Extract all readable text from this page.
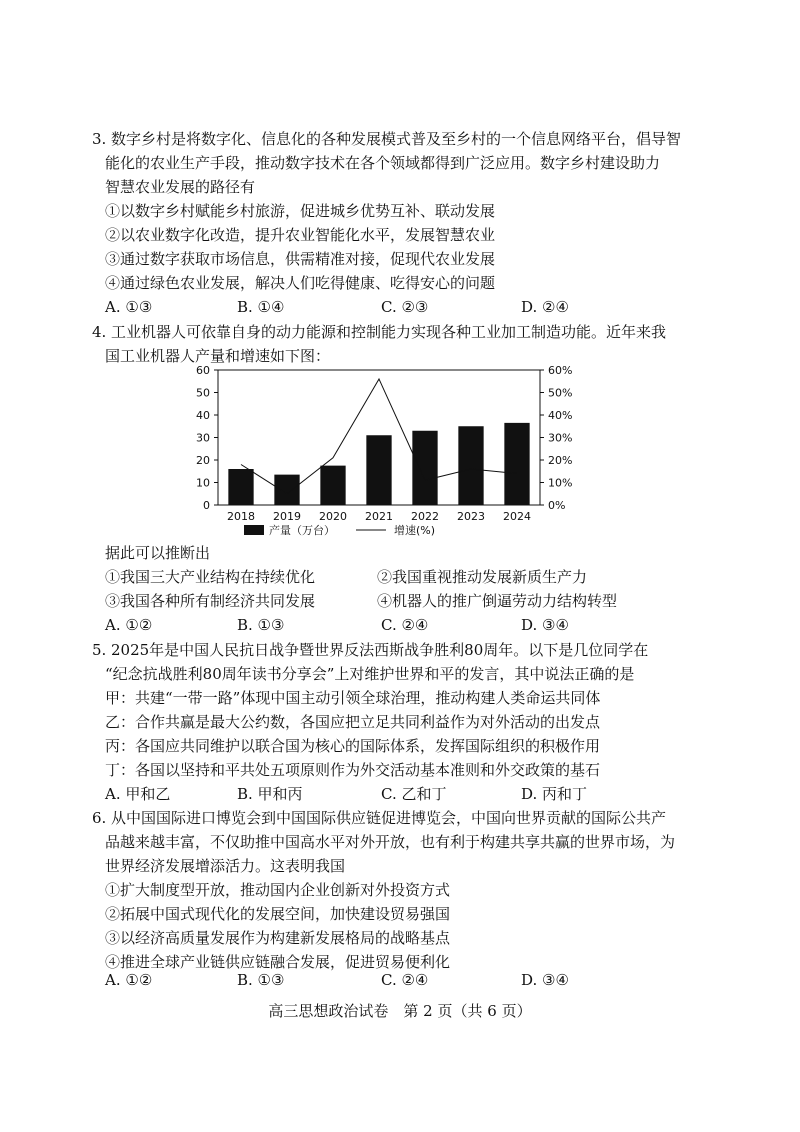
3. 数字乡村是将数字化、信息化的各种发展模式普及至乡村的一个信息网络平台，倡导智
能化的农业生产手段，推动数字技术在各个领域都得到广泛应用。数字乡村建设助力
智慧农业发展的路径有
①以数字乡村赋能乡村旅游，促进城乡优势互补、联动发展
②以农业数字化改造，提升农业智能化水平，发展智慧农业
③通过数字获取市场信息，供需精准对接，促现代农业发展
④通过绿色农业发展，解决人们吃得健康、吃得安心的问题
A. ①③	B. ①④	C. ②③	D. ②④
4. 工业机器人可依靠自身的动力能源和控制能力实现各种工业加工制造功能。近年来我
国工业机器人产量和增速如下图：
0
10
20
30
40
50
60
0%
10%
20%
30%
40%
50%
60%
2018 2019 2020 2021 2022 2023 2024
产量（万台）	增速(%)
据此可以推断出
①我国三大产业结构在持续优化	②我国重视推动发展新质生产力
③我国各种所有制经济共同发展	④机器人的推广倒逼劳动力结构转型
A. ①②	B. ①③	C. ②④	D. ③④
5. 2025年是中国人民抗日战争暨世界反法西斯战争胜利80周年。以下是几位同学在
“纪念抗战胜利80周年读书分享会”上对维护世界和平的发言，其中说法正确的是
甲：共建“一带一路”体现中国主动引领全球治理，推动构建人类命运共同体
乙：合作共赢是最大公约数，各国应把立足共同利益作为对外活动的出发点
丙：各国应共同维护以联合国为核心的国际体系，发挥国际组织的积极作用
丁：各国以坚持和平共处五项原则作为外交活动基本准则和外交政策的基石
A. 甲和乙	B. 甲和丙	C. 乙和丁	D. 丙和丁
6. 从中国国际进口博览会到中国国际供应链促进博览会，中国向世界贡献的国际公共产
品越来越丰富，不仅助推中国高水平对外开放，也有利于构建共享共赢的世界市场，为
世界经济发展增添活力。这表明我国
①扩大制度型开放，推动国内企业创新对外投资方式
②拓展中国式现代化的发展空间，加快建设贸易强国
③以经济高质量发展作为构建新发展格局的战略基点
④推进全球产业链供应链融合发展，促进贸易便利化
A. ①②	B. ①③	C. ②④	D. ③④
高三思想政治试卷　第 2 页（共 6 页）
